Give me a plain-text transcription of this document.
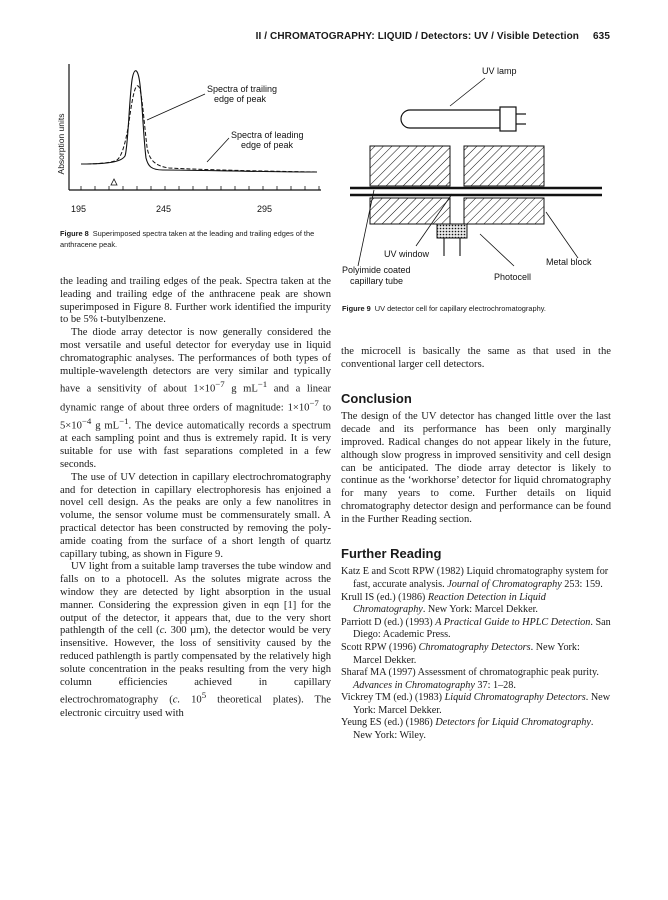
II / CHROMATOGRAPHY: LIQUID / Detectors: UV / Visible Detection 635
Absorption units
Spectra of trailing
edge of peak
Spectra of leading
edge of peak
195	245	295
Figure 8 Superimposed spectra taken at the leading and trailing edges of the anthracene peak.
UV lamp
UV window
Metal block
Polyimide coated
capillary tube	Photocell
Figure 9 UV detector cell for capillary electrochromatography.

the leading and trailing edges of the peak. Spectra taken at the leading and trailing edge of the anthracene peak are shown superimposed in Figure 8. Further work identified the impurity to be 5% t-butylbenzene.

The diode array detector is now generally considered the most versatile and useful detector for everyday use in liquid chromatographic analyses. The performances of both types of multiple-wavelength detectors are very similar and typically have a sensitivity of about $1\times 10^{-7}$ g $mL^{-1}$ and a linear dynamic range of about three orders of magnitude: $1\times 10^{-7}$ to $5\times 10^{-4}$ g $mL^{-1}$. The device automatically records a spectrum at each sampling point and thus is extremely rapid. It is very suitable for use with fast separations completed in a few seconds.

The use of UV detection in capillary electrochromatography and for detection in capillary electrophoresis has enjoined a novel cell design. As the peaks are only a few nanolitres in volume, the sensor volume must be commensurately small. A practical detector has been constructed by removing the polyamide coating from the surface of a short length of quartz capillary tubing, as shown in Figure 9.

UV light from a suitable lamp traverses the tube window and falls on to a photocell. As the solutes migrate across the window they are detected by light absorption in the usual manner. Considering the expression given in eqn [1] for the output of the detector, it appears that, due to the very short pathlength of the cell (c. 300 µm), the detector would be very insensitive. However, the loss of sensitivity caused by the reduced pathlength is partly compensated by the relatively high solute concentration in the peaks resulting from the very high column efficiencies achieved in capillary electrochromatography (c. $10^5$ theoretical plates). The electronic circuitry used with

the microcell is basically the same as that used in the conventional larger cell detectors.

Conclusion

The design of the UV detector has changed little over the last decade and its performance has been only marginally improved. Radical changes do not appear likely in the future, although slow progress in improved sensitivity and cell design can be anticipated. The diode array detector is likely to continue as the ‘workhorse’ detector for liquid chromatography for many years to come. Further details on liquid chromatography detector design and performance can be found in the Further Reading section.

Further Reading
Katz E and Scott RPW (1982) Liquid chromatography system for fast, accurate analysis. Journal of Chromatography 253: 159.
Krull IS (ed.) (1986) Reaction Detection in Liquid Chromatography. New York: Marcel Dekker.
Parriott D (ed.) (1993) A Practical Guide to HPLC Detection. San Diego: Academic Press.
Scott RPW (1996) Chromatography Detectors. New York: Marcel Dekker.
Sharaf MA (1997) Assessment of chromatographic peak purity. Advances in Chromatography 37: 1–28.
Vickrey TM (ed.) (1983) Liquid Chromatography Detectors. New York: Marcel Dekker.
Yeung ES (ed.) (1986) Detectors for Liquid Chromatography. New York: Wiley.
